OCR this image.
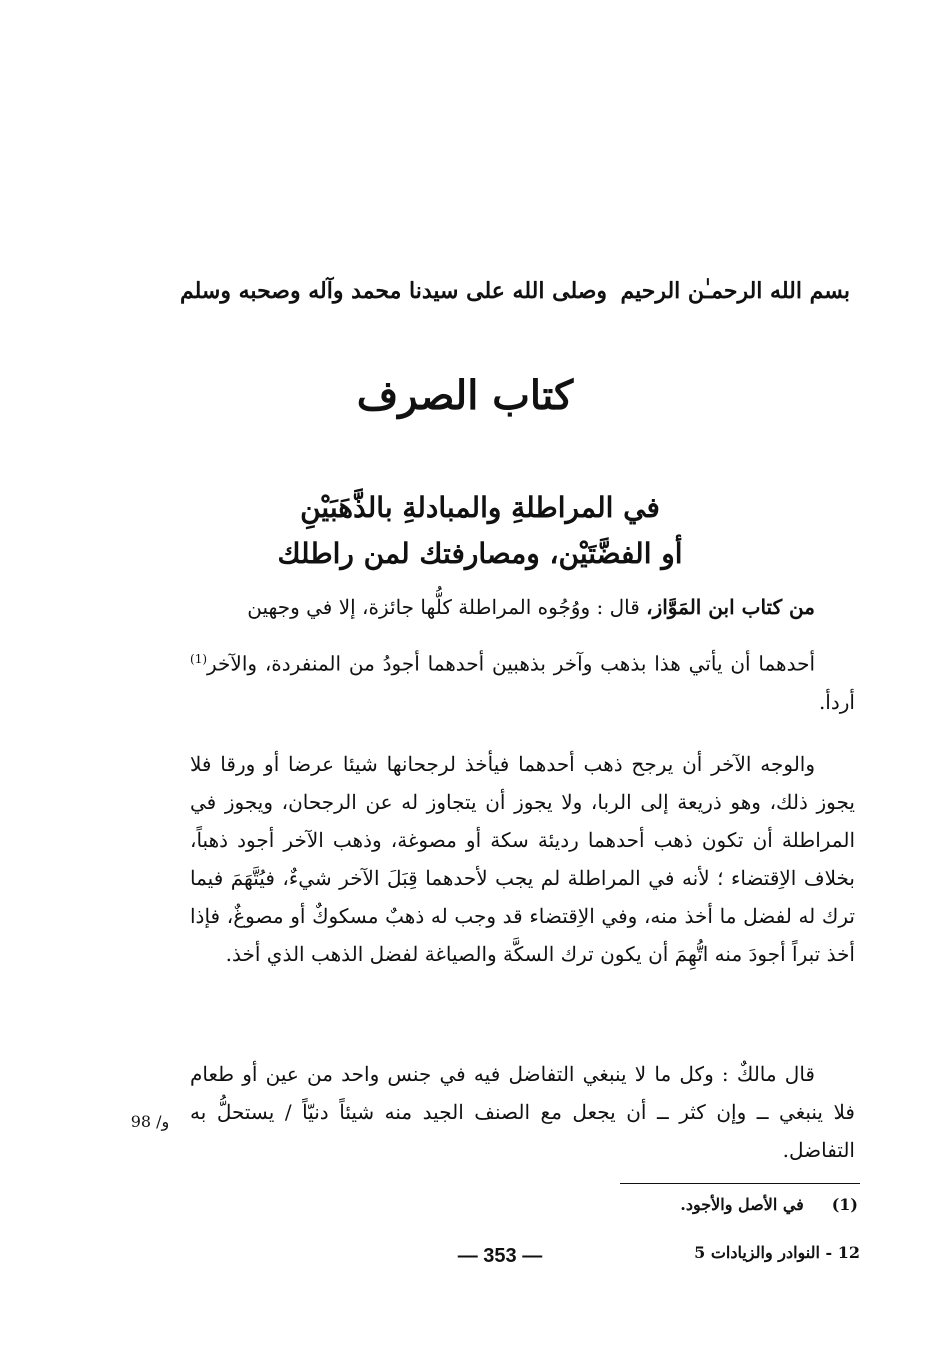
بسم الله الرحمـٰن الرحيم
وصلى الله على سيدنا محمد وآله وصحبه وسلم
كتاب الصرف
في المراطلةِ والمبادلةِ بالذَّهَبَيْنِ
أو الفضَّتَيْن، ومصارفتك لمن راطلك

من كتاب ابن المَوَّاز، قال : ووُجُوه المراطلة كلُّها جائزة، إلا في وجهين

أحدهما أن يأتي هذا بذهب وآخر بذهبين أحدهما أجودُ من المنفردة، والآخر$^{(1)}$ أردأ.

والوجه الآخر أن يرجح ذهب أحدهما فيأخذ لرجحانها شيئا عرضا أو ورقا فلا يجوز ذلك، وهو ذريعة إلى الربا، ولا يجوز أن يتجاوز له عن الرجحان، ويجوز في المراطلة أن تكون ذهب أحدهما رديئة سكة أو مصوغة، وذهب الآخر أجود ذهباً، بخلاف الاِقتضاء ؛ لأنه في المراطلة لم يجب لأحدهما قِبَلَ الآخر شيءٌ، فيُتَّهَمَ فيما ترك له لفضل ما أخذ منه، وفي الاِقتضاء قد وجب له ذهبٌ مسكوكٌ أو مصوغٌ، فإذا أخذ تبراً أجودَ منه اتُّهِمَ أن يكون ترك السكَّة والصياغة لفضل الذهب الذي أخذ.

قال مالكٌ : وكل ما لا ينبغي التفاضل فيه في جنس واحد من عين أو طعام فلا ينبغي ــ وإن كثر ــ أن يجعل مع الصنف الجيد منه شيئاً دنيّاً / يستحلُّ به التفاضل.

98 /و
(1)     في الأصل والأجود.
— 353 —	12 - النوادر والزيادات 5
